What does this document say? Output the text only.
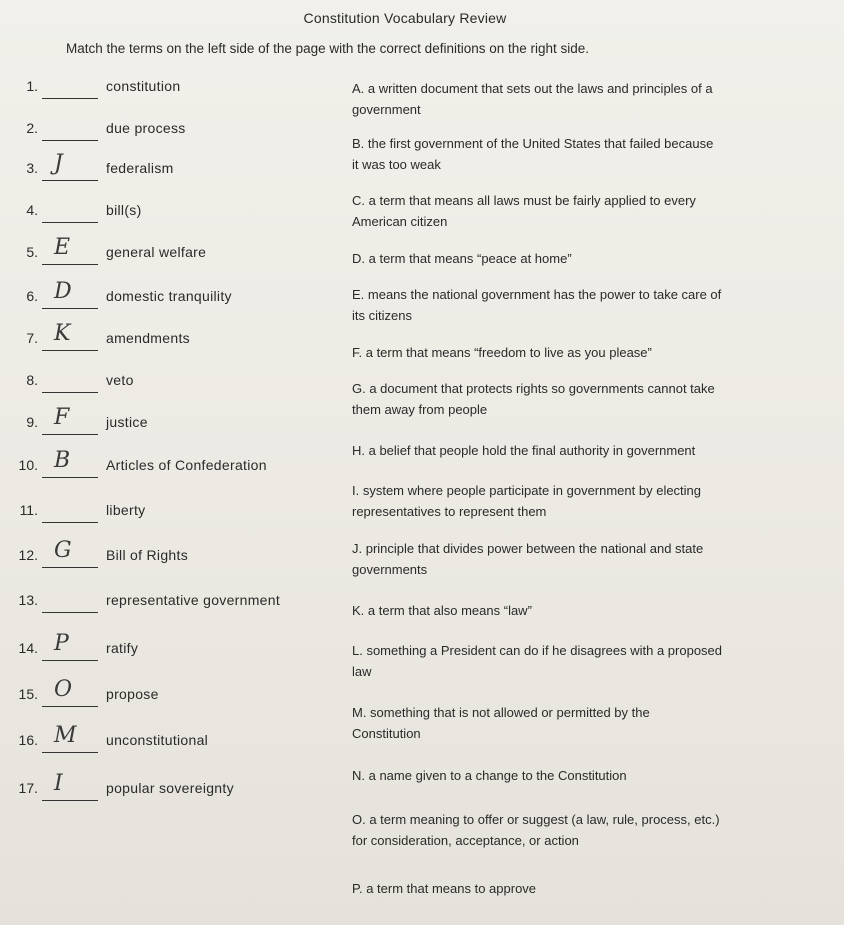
Constitution Vocabulary Review
Match the terms on the left side of the page with the correct definitions on the right side.
1.	constitution
2.	due process
3. J	federalism
4.	bill(s)
5. E	general welfare
6. D domestic tranquility
7. K	amendments
8.	veto
9. F	justice
10. B	Articles of Confederation
11.	liberty
12. G Bill of Rights
13.	representative government
14. P	ratify
15. O propose
16. M unconstitutional
17. I	popular sovereignty
A. a written document that sets out the laws and principles of a
government
B. the first government of the United States that failed because
it was too weak
C. a term that means all laws must be fairly applied to every
American citizen
D. a term that means “peace at home”
E. means the national government has the power to take care of
its citizens
F. a term that means “freedom to live as you please”
G. a document that protects rights so governments cannot take
them away from people
H. a belief that people hold the final authority in government
I. system where people participate in government by electing
representatives to represent them
J. principle that divides power between the national and state
governments
K. a term that also means “law”
L. something a President can do if he disagrees with a proposed
law
M. something that is not allowed or permitted by the
Constitution
N. a name given to a change to the Constitution
O. a term meaning to offer or suggest (a law, rule, process, etc.)
for consideration, acceptance, or action
P. a term that means to approve
